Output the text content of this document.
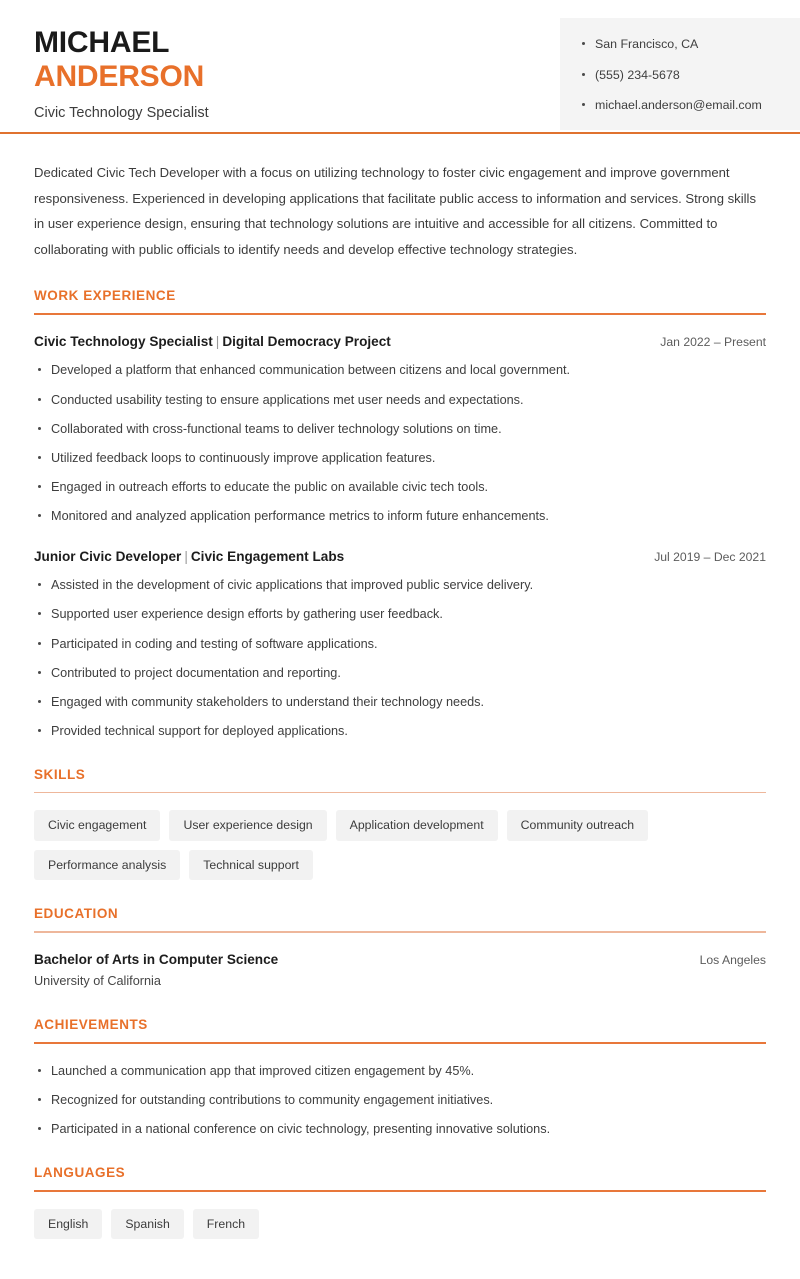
MICHAEL
ANDERSON
Civic Technology Specialist
San Francisco, CA
(555) 234-5678
michael.anderson@email.com

Dedicated Civic Tech Developer with a focus on utilizing technology to foster civic engagement and improve government responsiveness. Experienced in developing applications that facilitate public access to information and services. Strong skills in user experience design, ensuring that technology solutions are intuitive and accessible for all citizens. Committed to collaborating with public officials to identify needs and develop effective technology strategies.

WORK EXPERIENCE
Civic Technology Specialist | Digital Democracy Project	Jan 2022 – Present
Developed a platform that enhanced communication between citizens and local government.
Conducted usability testing to ensure applications met user needs and expectations.
Collaborated with cross-functional teams to deliver technology solutions on time.
Utilized feedback loops to continuously improve application features.
Engaged in outreach efforts to educate the public on available civic tech tools.
Monitored and analyzed application performance metrics to inform future enhancements.
Junior Civic Developer | Civic Engagement Labs	Jul 2019 – Dec 2021
Assisted in the development of civic applications that improved public service delivery.
Supported user experience design efforts by gathering user feedback.
Participated in coding and testing of software applications.
Contributed to project documentation and reporting.
Engaged with community stakeholders to understand their technology needs.
Provided technical support for deployed applications.
SKILLS
Civic engagement	User experience design	Application development	Community outreach
Performance analysis	Technical support
EDUCATION
Bachelor of Arts in Computer Science	Los Angeles
University of California
ACHIEVEMENTS
Launched a communication app that improved citizen engagement by 45%.
Recognized for outstanding contributions to community engagement initiatives.
Participated in a national conference on civic technology, presenting innovative solutions.
LANGUAGES
English	Spanish	French
